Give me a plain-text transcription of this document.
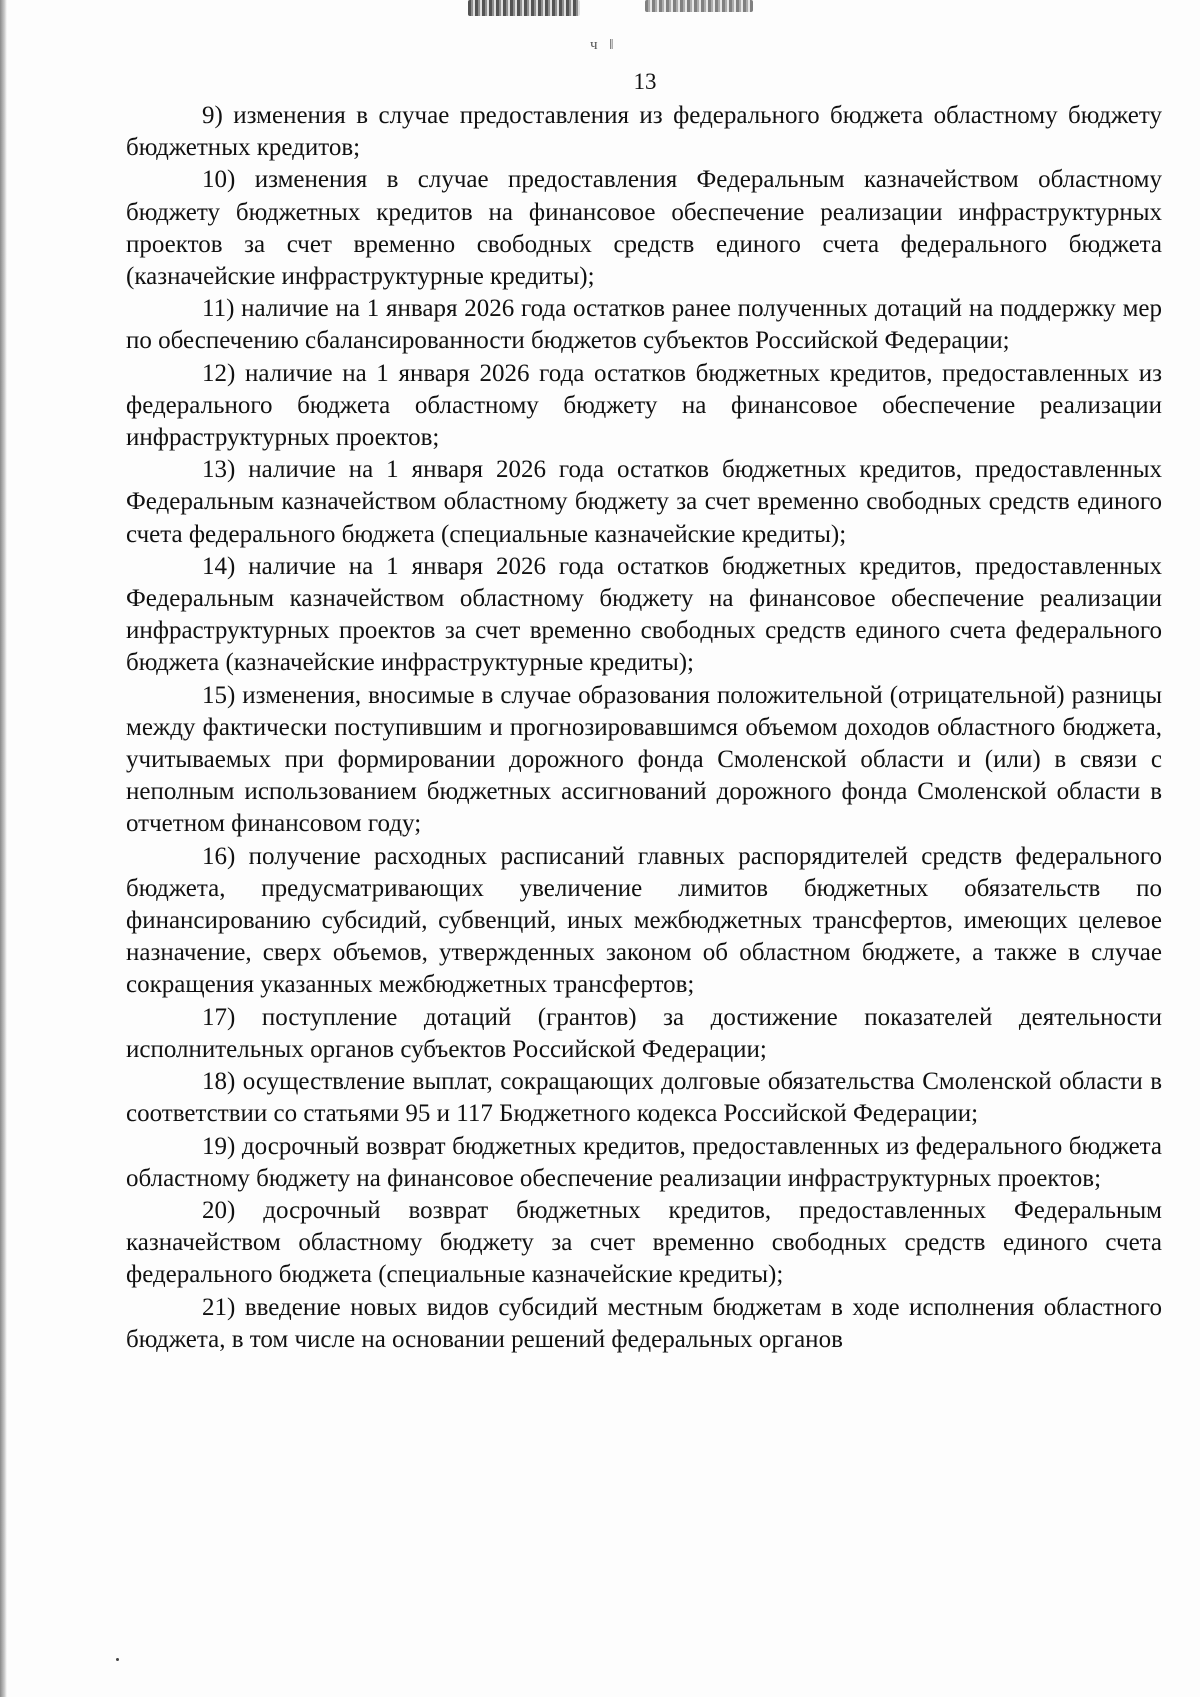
ч ‖
13

9) изменения в случае предоставления из федерального бюджета областному бюджету бюджетных кредитов;

10) изменения в случае предоставления Федеральным казначейством областному бюджету бюджетных кредитов на финансовое обеспечение реализации инфраструктурных проектов за счет временно свободных средств единого счета федерального бюджета (казначейские инфраструктурные кредиты);

11) наличие на 1 января 2026 года остатков ранее полученных дотаций на поддержку мер по обеспечению сбалансированности бюджетов субъектов Российской Федерации;

12) наличие на 1 января 2026 года остатков бюджетных кредитов, предоставленных из федерального бюджета областному бюджету на финансовое обеспечение реализации инфраструктурных проектов;

13) наличие на 1 января 2026 года остатков бюджетных кредитов, предоставленных Федеральным казначейством областному бюджету за счет временно свободных средств единого счета федерального бюджета (специальные казначейские кредиты);

14) наличие на 1 января 2026 года остатков бюджетных кредитов, предоставленных Федеральным казначейством областному бюджету на финансовое обеспечение реализации инфраструктурных проектов за счет временно свободных средств единого счета федерального бюджета (казначейские инфраструктурные кредиты);

15) изменения, вносимые в случае образования положительной (отрицательной) разницы между фактически поступившим и прогнозировавшимся объемом доходов областного бюджета, учитываемых при формировании дорожного фонда Смоленской области и (или) в связи с неполным использованием бюджетных ассигнований дорожного фонда Смоленской области в отчетном финансовом году;

16) получение расходных расписаний главных распорядителей средств федерального бюджета, предусматривающих увеличение лимитов бюджетных обязательств по финансированию субсидий, субвенций, иных межбюджетных трансфертов, имеющих целевое назначение, сверх объемов, утвержденных законом об областном бюджете, а также в случае сокращения указанных межбюджетных трансфертов;

17) поступление дотаций (грантов) за достижение показателей деятельности исполнительных органов субъектов Российской Федерации;

18) осуществление выплат, сокращающих долговые обязательства Смоленской области в соответствии со статьями 95 и 117 Бюджетного кодекса Российской Федерации;

19) досрочный возврат бюджетных кредитов, предоставленных из федерального бюджета областному бюджету на финансовое обеспечение реализации инфраструктурных проектов;

20) досрочный возврат бюджетных кредитов, предоставленных Федеральным казначейством областному бюджету за счет временно свободных средств единого счета федерального бюджета (специальные казначейские кредиты);

21) введение новых видов субсидий местным бюджетам в ходе исполнения областного бюджета, в том числе на основании решений федеральных органов
